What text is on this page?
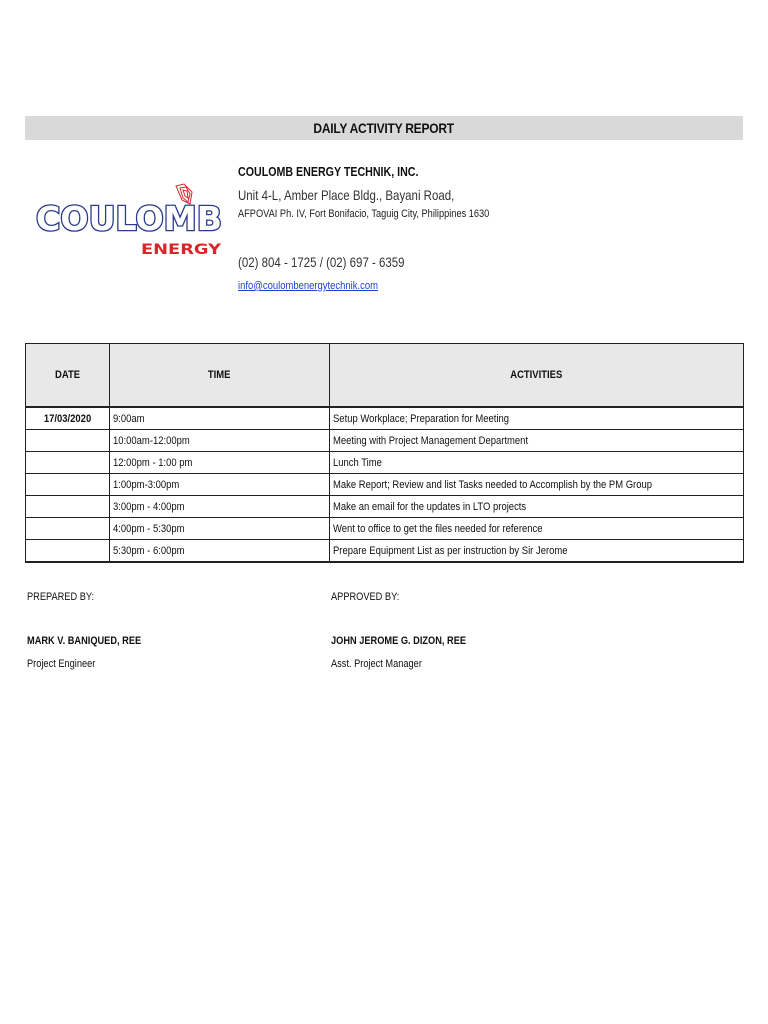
DAILY ACTIVITY REPORT
COULOMB
ENERGY
COULOMB ENERGY TECHNIK, INC.
Unit 4-L, Amber Place Bldg., Bayani Road,
AFPOVAI Ph. IV, Fort Bonifacio, Taguig City, Philippines 1630
(02) 804 - 1725 / (02) 697 - 6359
info@coulombenergytechnik.com
DATE	TIME	ACTIVITIES
17/03/2020	9:00am	Setup Workplace; Preparation for Meeting
	10:00am-12:00pm	Meeting with Project Management Department
	12:00pm - 1:00 pm	Lunch Time
	1:00pm-3:00pm	Make Report; Review and list Tasks needed to Accomplish by the PM Group
	3:00pm - 4:00pm	Make an email for the updates in LTO projects
	4:00pm - 5:30pm	Went to office to get the files needed for reference
	5:30pm - 6:00pm	Prepare Equipment List as per instruction by Sir Jerome
PREPARED BY:
MARK V. BANIQUED, REE
Project Engineer
APPROVED BY:
JOHN JEROME G. DIZON, REE
Asst. Project Manager
